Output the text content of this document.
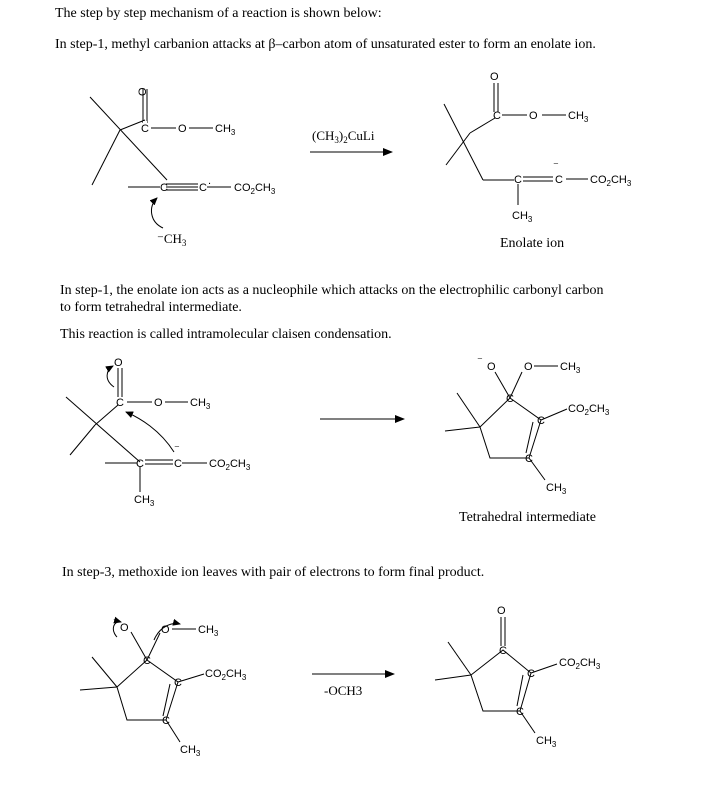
The step by step mechanism of a reaction is shown below:
In step-1, methyl carbanion attacks at β–carbon atom of unsaturated ester to form an enolate ion.
In step-1, the enolate ion acts as a nucleophile which attacks on the electrophilic carbonyl carbon
to form tetrahedral intermediate.
This reaction is called intramolecular claisen condensation.
In step-3, methoxide ion leaves with pair of electrons to form final product.
Enolate ion
Tetrahedral intermediate
O
C	O	$CH_3$
C	C $CO_2CH_3$
.
$^-CH_3$
$(CH_3)_2CuLi$
O
C	O	$CH_3$
C	C
⁻
$CO_2CH_3$
$CH_3$
O
C	O $CH_3$
C	C
⁻
$CO_2CH_3$
$CH_3$
⁻ O	O $CH_3$
C
C
C
$CO_2CH_3$
$CH_3$
⁻ O	O	$CH_3$
C
C
C
$CO_2CH_3$
$CH_3$
-OCH3
O
C
C
C
$CO_2CH_3$
$CH_3$
